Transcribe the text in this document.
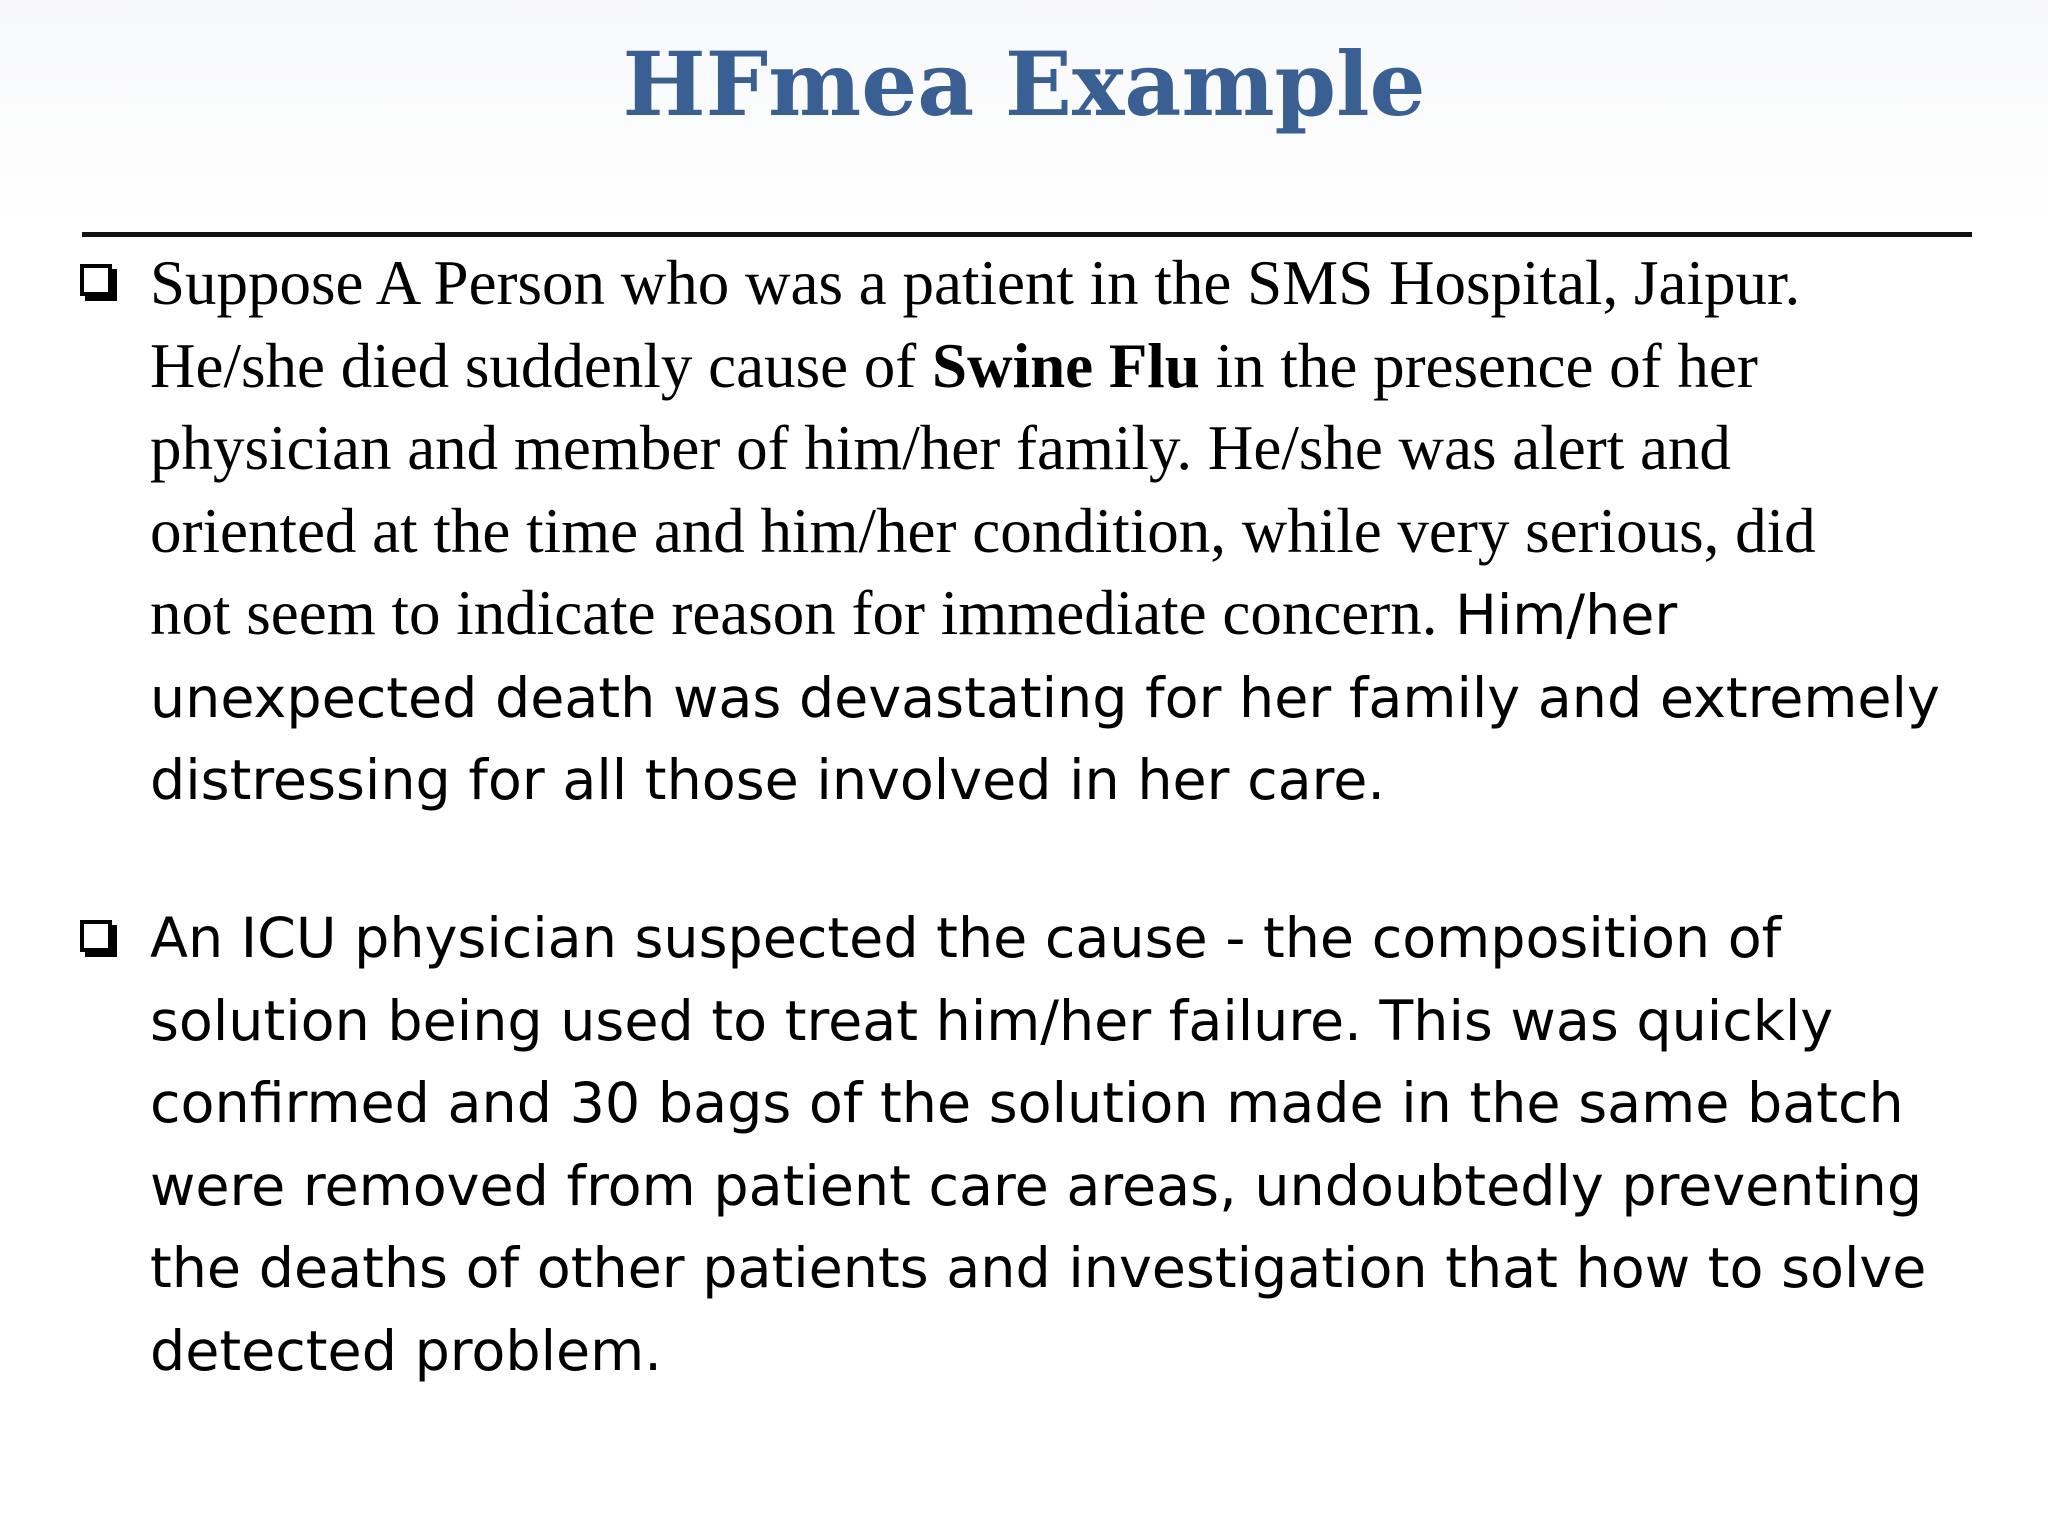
HFmea Example
Suppose A Person who was a patient in the SMS Hospital, Jaipur.
He/she died suddenly cause of Swine Flu in the presence of her
physician and member of him/her family. He/she was alert and
oriented at the time and him/her condition, while very serious, did
not seem to indicate reason for immediate concern. Him/her
unexpected death was devastating for her family and extremely
distressing for all those involved in her care.
An ICU physician suspected the cause - the composition of
solution being used to treat him/her failure. This was quickly
confirmed and 30 bags of the solution made in the same batch
were removed from patient care areas, undoubtedly preventing
the deaths of other patients and investigation that how to solve
detected problem.
